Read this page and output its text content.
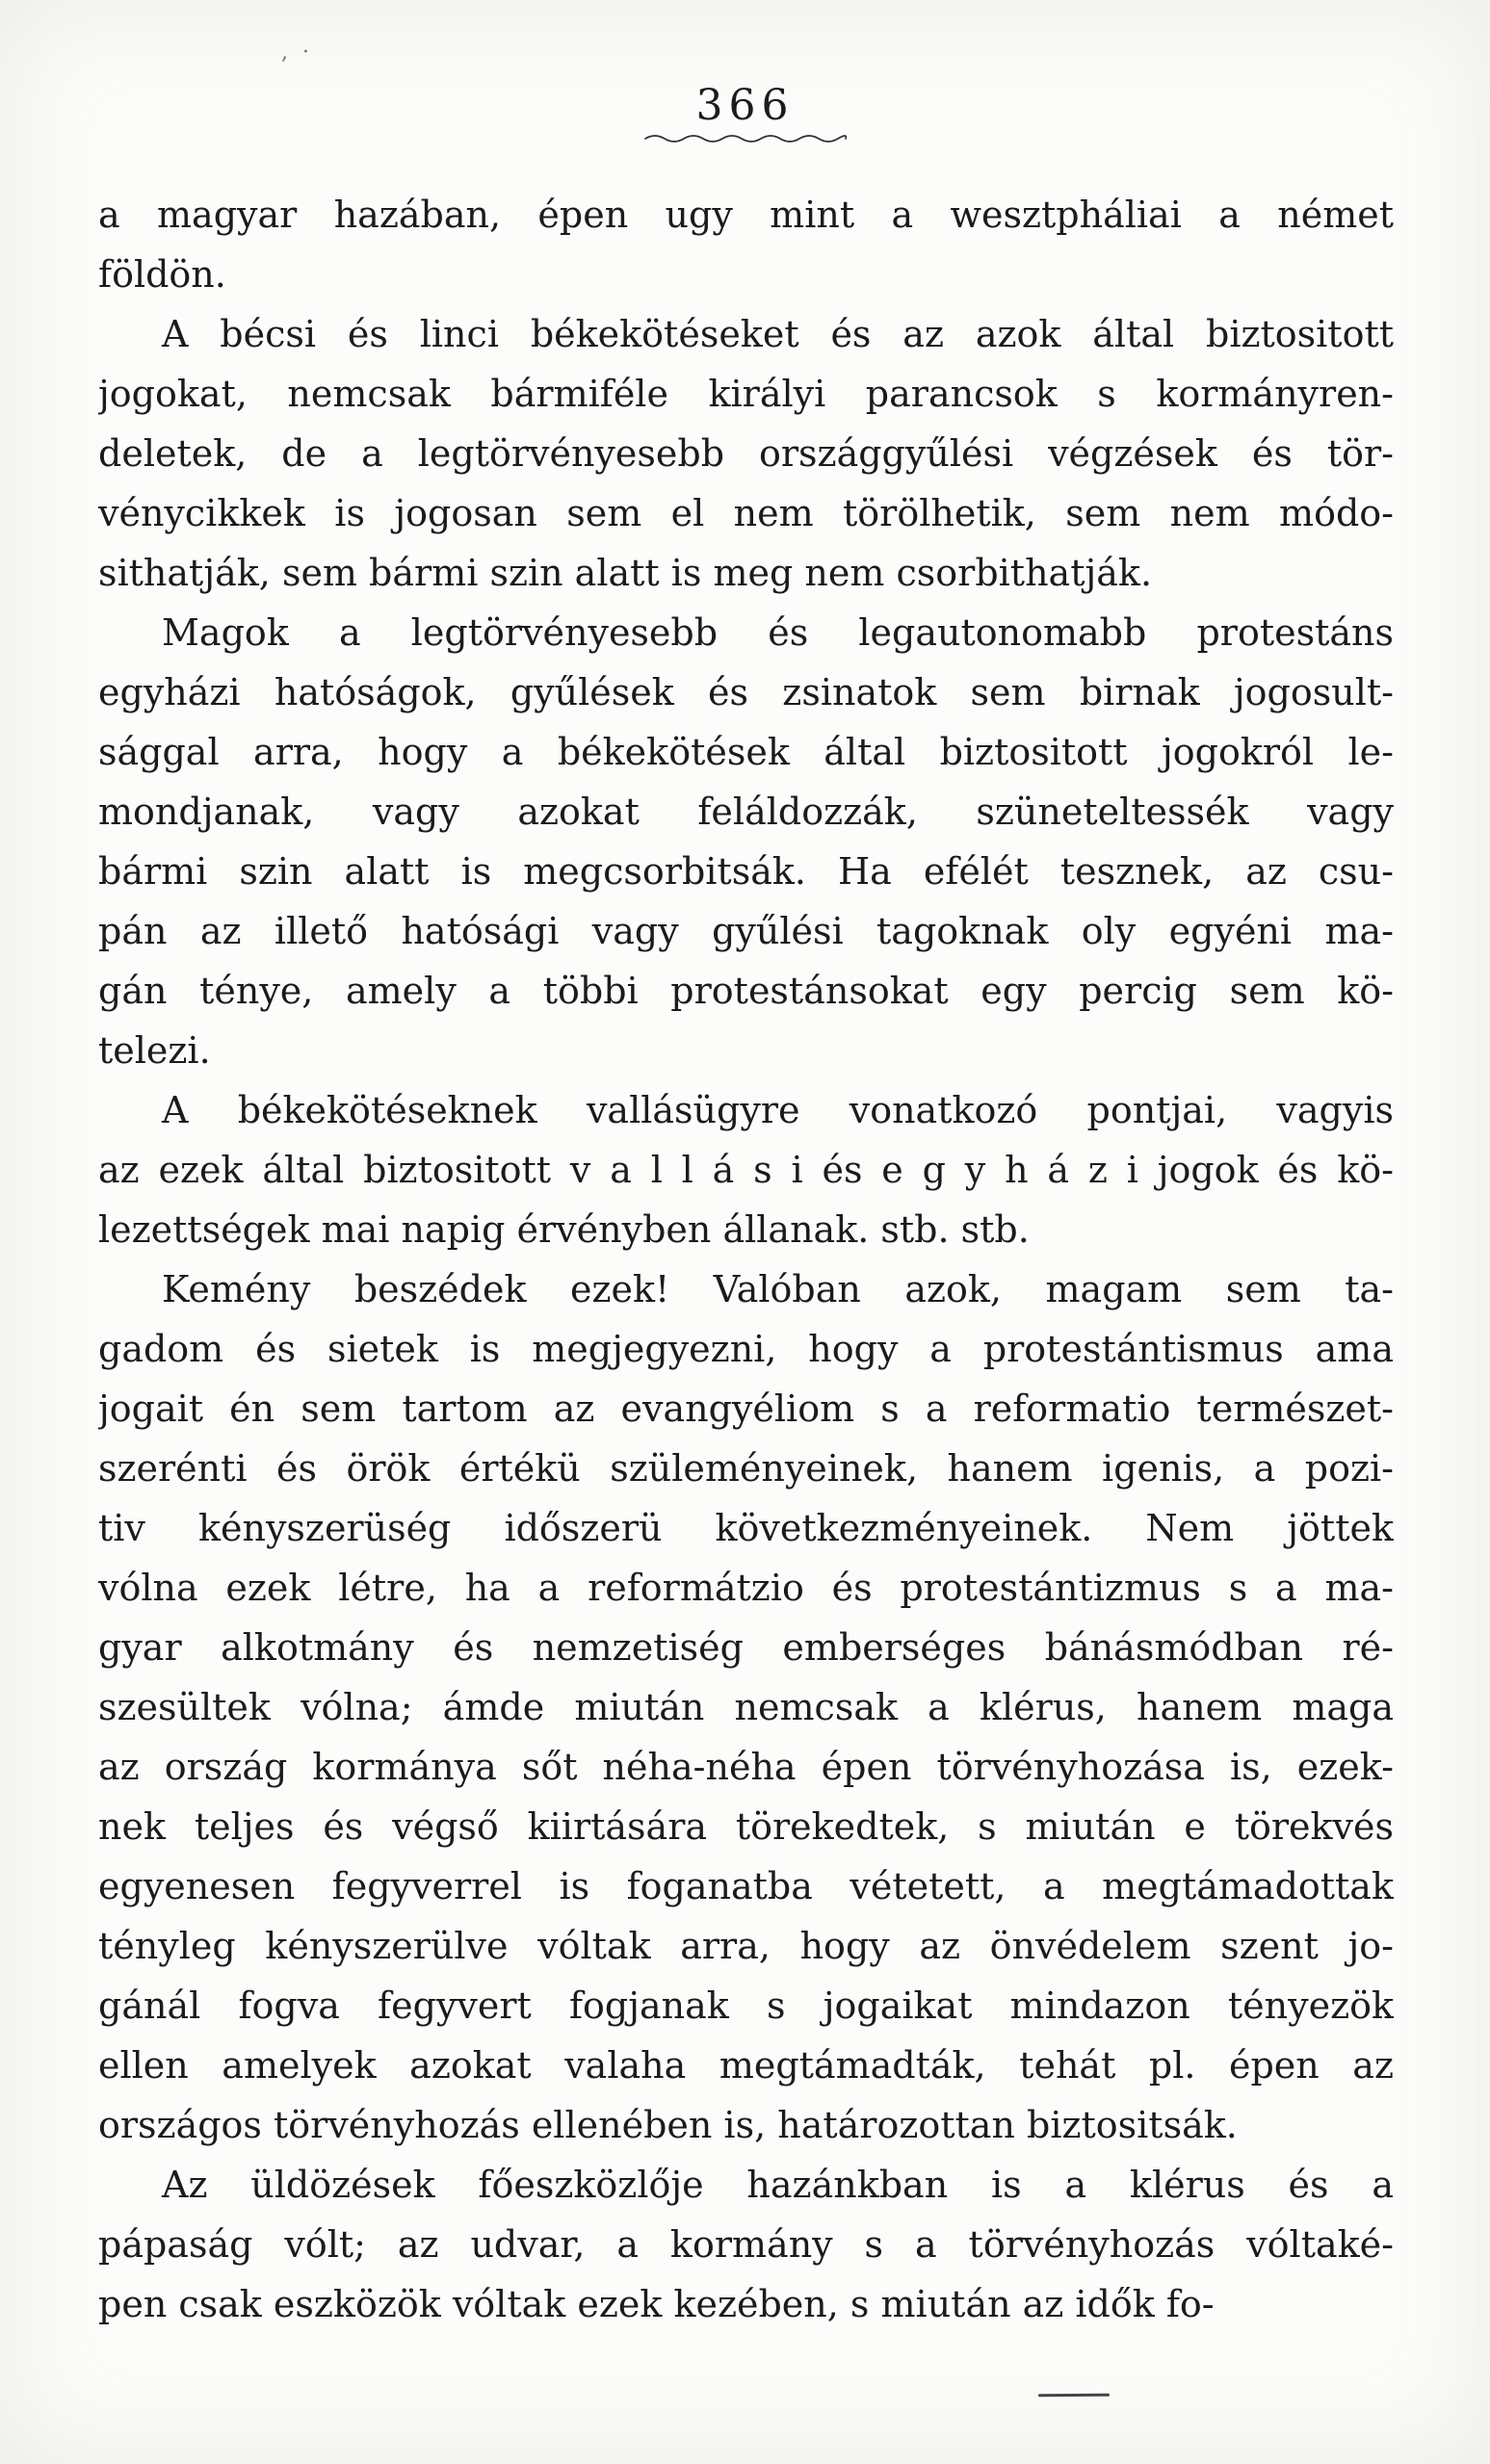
, ·
366
a magyar hazában, épen ugy mint a wesztpháliai a német
földön.
A bécsi és linci békekötéseket és az azok által biztositott
jogokat, nemcsak bármiféle királyi parancsok s kormányren-
deletek, de a legtörvényesebb országgyűlési végzések és tör-
vénycikkek is jogosan sem el nem törölhetik, sem nem módo-
sithatják, sem bármi szin alatt is meg nem csorbithatják.
Magok a legtörvényesebb és legautonomabb protestáns
egyházi hatóságok, gyűlések és zsinatok sem birnak jogosult-
sággal arra, hogy a békekötések által biztositott jogokról le-
mondjanak, vagy azokat feláldozzák, szüneteltessék vagy
bármi szin alatt is megcsorbitsák. Ha efélét tesznek, az csu-
pán az illető hatósági vagy gyűlési tagoknak oly egyéni ma-
gán ténye, amely a többi protestánsokat egy percig sem kö-
telezi.
A békekötéseknek vallásügyre vonatkozó pontjai, vagyis
az ezek által biztositott v a l l á s i és e g y h á z i jogok és kö-
lezettségek mai napig érvényben állanak. stb. stb.
Kemény beszédek ezek! Valóban azok, magam sem ta-
gadom és sietek is megjegyezni, hogy a protestántismus ama
jogait én sem tartom az evangyéliom s a reformatio természet-
szerénti és örök értékü szüleményeinek, hanem igenis, a pozi-
tiv kényszerüség időszerü következményeinek. Nem jöttek
vólna ezek létre, ha a reformátzio és protestántizmus s a ma-
gyar alkotmány és nemzetiség emberséges bánásmódban ré-
szesültek vólna; ámde miután nemcsak a klérus, hanem maga
az ország kormánya sőt néha-néha épen törvényhozása is, ezek-
nek teljes és végső kiirtására törekedtek, s miután e törekvés
egyenesen fegyverrel is foganatba vétetett, a megtámadottak
tényleg kényszerülve vóltak arra, hogy az önvédelem szent jo-
gánál fogva fegyvert fogjanak s jogaikat mindazon tényezök
ellen amelyek azokat valaha megtámadták, tehát pl. épen az
országos törvényhozás ellenében is, határozottan biztositsák.
Az üldözések főeszközlője hazánkban is a klérus és a
pápaság vólt; az udvar, a kormány s a törvényhozás vóltaké-
pen csak eszközök vóltak ezek kezében, s miután az idők fo-
